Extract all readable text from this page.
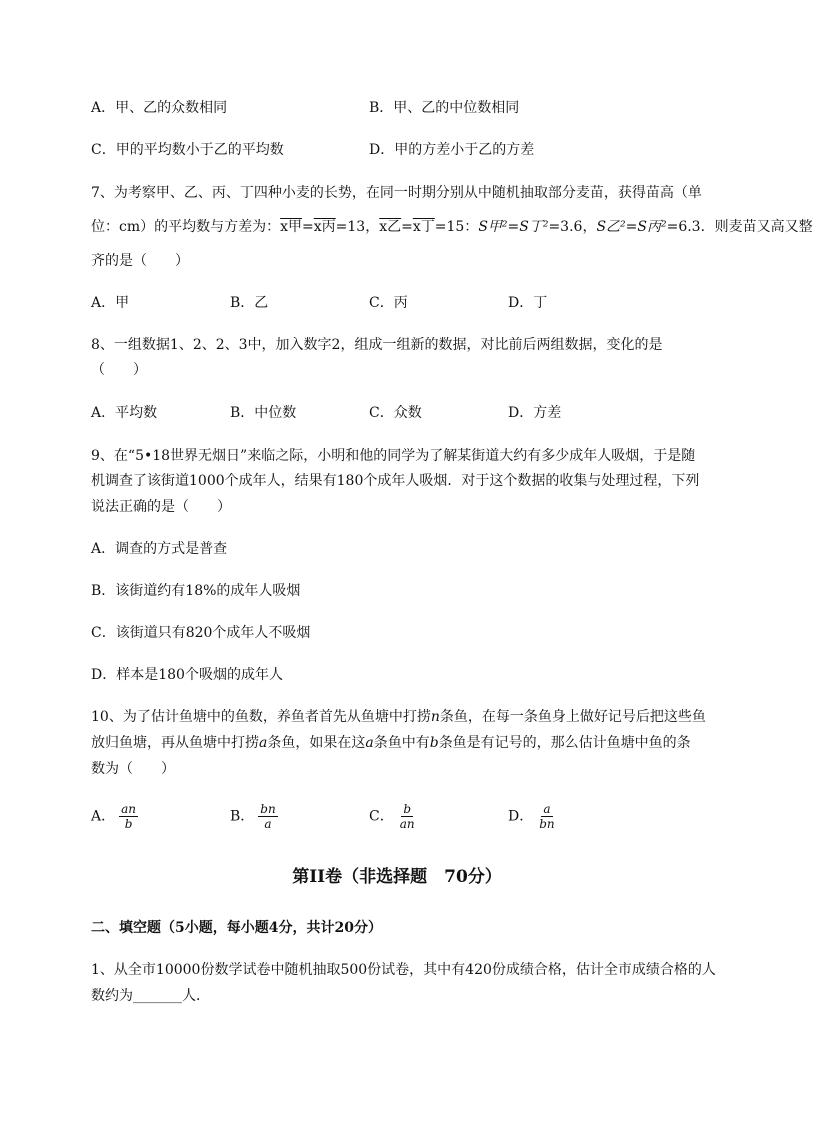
A．甲、乙的众数相同	B．甲、乙的中位数相同
C．甲的平均数小于乙的平均数	D．甲的方差小于乙的方差
7、为考察甲、乙、丙、丁四种小麦的长势，在同一时期分别从中随机抽取部分麦苗，获得苗高（单
位：cm）的平均数与方差为：x甲=x丙=13，x乙=x丁=15：S甲²=S丁²=3.6，S乙²=S丙²=6.3．则麦苗又高又整
齐的是（　　）
A．甲	B．乙	C．丙	D．丁
8、一组数据1、2、2、3中，加入数字2，组成一组新的数据，对比前后两组数据，变化的是
（　　）
A．平均数	B．中位数	C．众数	D．方差
9、在“5•18世界无烟日”来临之际，小明和他的同学为了解某街道大约有多少成年人吸烟，于是随
机调查了该街道1000个成年人，结果有180个成年人吸烟．对于这个数据的收集与处理过程，下列
说法正确的是（　　）
A．调查的方式是普查
B．该街道约有18%的成年人吸烟
C．该街道只有820个成年人不吸烟
D．样本是180个吸烟的成年人
10、为了估计鱼塘中的鱼数，养鱼者首先从鱼塘中打捞n条鱼，在每一条鱼身上做好记号后把这些鱼
放归鱼塘，再从鱼塘中打捞a条鱼，如果在这a条鱼中有b条鱼是有记号的，那么估计鱼塘中鱼的条
数为（　　）
A． $\frac{an}{b}$	B． $\frac{bn}{a}$	C． $\frac{b}{an}$	D． $\frac{a}{bn}$
第II卷（非选择题　70分）
二、填空题（5小题，每小题4分，共计20分）
1、从全市10000份数学试卷中随机抽取500份试卷，其中有420份成绩合格，估计全市成绩合格的人
数约为_______人．
